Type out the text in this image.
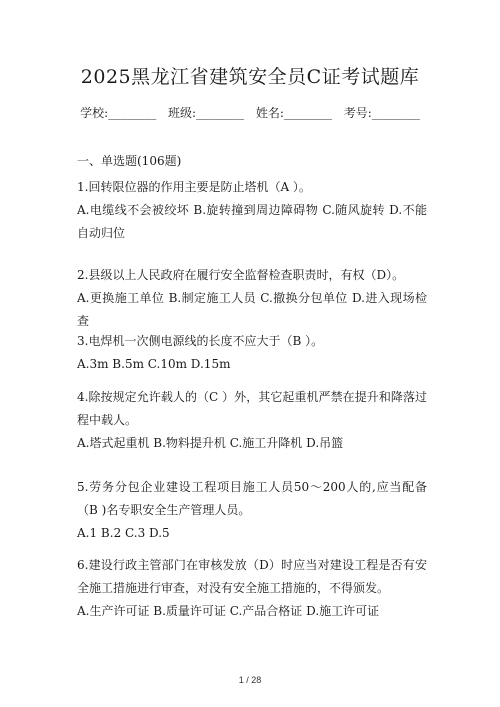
2025黑龙江省建筑安全员C证考试题库
学校:________ 班级:________ 姓名:________ 考号:________
一、单选题(106题)
1.回转限位器的作用主要是防止塔机（A ）。
A.电缆线不会被绞坏 B.旋转撞到周边障碍物 C.随风旋转 D.不能自动归位
2.县级以上人民政府在履行安全监督检查职责时，有权（D）。
A.更换施工单位 B.制定施工人员 C.撤换分包单位 D.进入现场检查
3.电焊机一次侧电源线的长度不应大于（B ）。
A.3m B.5m C.10m D.15m
4.除按规定允许载人的（C ）外，其它起重机严禁在提升和降落过程中载人。
A.塔式起重机 B.物料提升机 C.施工升降机 D.吊篮
5.劳务分包企业建设工程项目施工人员50～200人的,应当配备（B )名专职安全生产管理人员。
A.1 B.2 C.3 D.5
6.建设行政主管部门在审核发放（D）时应当对建设工程是否有安全施工措施进行审查，对没有安全施工措施的，不得颁发。
A.生产许可证 B.质量许可证 C.产品合格证 D.施工许可证
1 / 28
